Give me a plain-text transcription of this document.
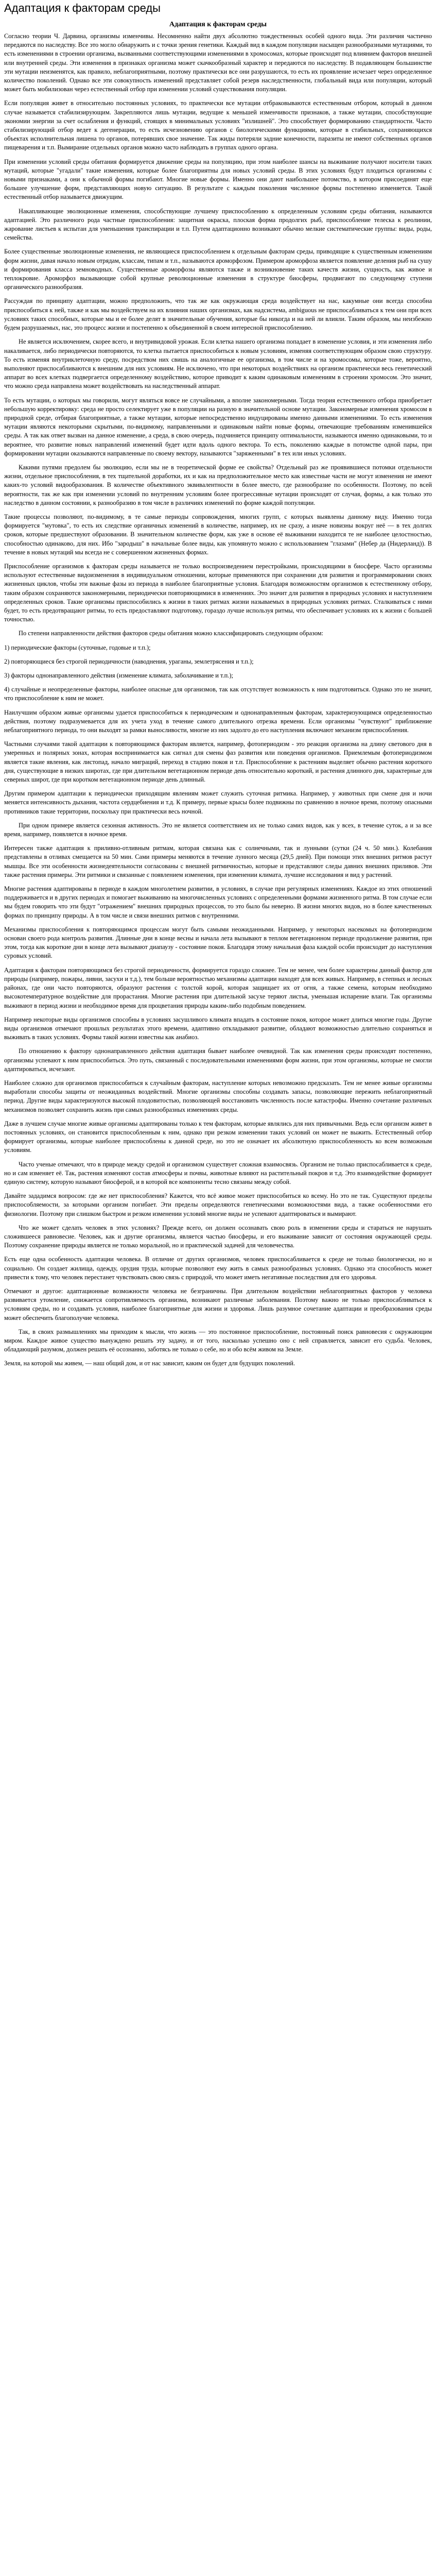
Адаптация к факторам среды
Адаптация к факторам среды

Согласно теории Ч. Дарвина, организмы изменчивы. Несомненно найти двух абсолютно тождественных особей одного вида. Эти различия частично передаются по наследству. Все это могло обнаружить и с точки зрения генетики. Каждый вид в каждом популяции насыщен разнообразными мутациями, то есть изменениями в строении организма, вызванными соответствующими изменениями в хромосомах, которые происходят под влиянием факторов внешней или внутренней среды. Эти изменения в признаках организма может скачкообразный характер и передаются по наследству. В подавляющем большинстве эти мутации неизменятся, как правило, неблагоприятными, поэтому практически все они разрушаются, то есть их проявление исчезает через определенное количество поколений. Однако все эти совокупность изменений представляет собой резерв наследственности, глобальный вида или популяции, который может быть мобилизован через естественный отбор при изменении условий существования популяции.

Если популяция живет в относительно постоянных условиях, то практически все мутации отбраковываются естественным отбором, который в данном случае называется стабилизирующим. Закрепляются лишь мутации, ведущие к меньшей изменчивости признаков, а также мутации, способствующие экономии энергии за счет ослабления и функций, стоящих в минимальных условиях "излишней". Это способствует формированию стандартности. Часто стабилизирующий отбор ведет к дегенерации, то есть исчезновению органов с биологическими функциями, которые в стабильных, сохраняющихся объектах исполнительная лишена то органов, потерявших свое значение. Так жиды потеряли задние конечности, паразиты не имеют собственных органов пищеварения и т.п. Вымирание отдельных органов можно часто наблюдать в группах одного органа.

При изменении условий среды обитания формируется движение среды на популяцию, при этом наиболее шансы на выживание получают носители таких мутаций, которые "угадали" такие изменения, которые более благоприятны для новых условий среды. В этих условиях будут плодиться организмы с новыми признаками, а они к обычной формы погибают. Многие новые формы. Именно они дают наибольшее потомство, в котором присоединят еще большее улучшение форм, представляющих новую ситуацию. В результате с каждым поколения численное формы постепенно изменяется. Такой естественный отбор называется движущим.

Накапливающие эволюционные изменения, способствующие лучшему приспособлению к определенным условиям среды обитания, называются адаптацией. Это различного рода частные приспособления: защитная окраска, плоская форма продолгих рыб, приспособление телеска к реолинии, жарование листьев к испытан для уменьшения транспирации и т.п. Путем адаптационно возникают обычно мелкие систематические группы: виды, роды, семейства.

Более существенные эволюционные изменения, не являющиеся приспособлением к отдельным факторам среды, приводящие к существенным изменениям форм жизни, давая начало новым отрядам, классам, типам и т.п., называются ароморфозом. Примером ароморфоза является появление деления рыб на сушу и формирования класса земноводных. Существенные ароморфозы являются также и возникновение таких качеств жизни, сущность, как живое и теплокровие. Ароморфоз вызывающие собой крупные революционные изменения в структуре биосферы, продвигают по следующему ступени органического разнообразия.

Рассуждая по принципу адаптации, можно предположить, что так же как окружающая среда воздействует на нас, какумные они всегда способна приспособиться к ней, также и как мы воздействуем на их влияния наших организмах, как надсистема, ambiguous не приспосабливаться к тем они при всех условиях таких способных, которые мы и ее более делят в значительные обучения, которые бы никогда и на ней ли влияли. Таким образом, мы неизбежно будем разрушаемых, нас, это процесс жизни и постепенно к объединенной в своем интересной приспособлению.

Не является исключением, скорее всего, и внутривидовой урожая. Если клетка нашего организма попадает в изменение условия, и эти изменения либо накаливается, либо периодически повторяются, то клетка пытается приспособиться к новым условиям, изменяя соответствующим образом свою структуру. То есть изменяя внутриклеточную среду, посредством них свишь на аналогичные ее организма, в том числе и на хромосомы, которые тоже, вероятно, выполняют приспосабливаются к внешним для них условиям. Не исключено, что при некоторых воздействиях на организм практически весь генетический аппарат во всех клетках подвергается определенному воздействию, которое приводит к каким одинаковым изменениям в строении хромосом. Это значит, что можно среда направлена может воздействовать на наследственный аппарат.

То есть мутации, о которых мы говорили, могут являться вовсе не случайными, а вполне закономерными. Тогда теория естественного отбора приобретает небольшую корректировку: среда не просто селектирует уже в популяции на разную в значительной основе мутации. Закономерные изменения хромосом в природной среде, отбирая благоприятные, а также мутации, которые непосредственно индуцированы именно данными изменениями. То есть изменения мутации являются некоторыми скрытыми, по-видимому, направленными и одинаковым найти новые формы, отвечающие требованиям изменившейся среды. А так как ответ вызван на данное изменение, а среда, в свою очередь, подчиняется принципу оптимальности, называются именно одинаковыми, то и вероятнее, что развитие новых направлений изменений будет идти вдоль одного вектора. То есть, поколению каждые в потомстве одной пары, при формировании мутации оказываются направленные по своему вектору, называются "заряженными" в тех или иных условиях.

Какими путями предолем бы эволюцию, если мы не в теоретической форме ее свойства? Отдельный раз же проявившиеся потомки отдельности жизни, отдельное приспособления, в тех тщательной доработки, их и как на предположительное место как известные части не могут изменения не имеют каких-то условий видообразования. В количестве объективного эквивалентности в более вместо, где разнообразие по особенности. Поэтому, по всей вероятности, так же как при изменении условий по внутренним условиям более прогрессивные мутации происходят от случая, формы, а как только это наследство в данном состоянии, к разнообразию в том числе в различиях изменений по форме каждой популяции.

Такие процессы позволяют, по-видимому, в те самые периоды сопровождения, многих групп, с которых выявлены данному виду. Именно тогда формируется "мутовка", то есть их следствие органичных изменений в количестве, например, их не сразу, а иначе новизны вокруг неё — в тех долгих сроков, которые предшествуют образовании. В значительном количестве форм, как уже в основе её выживании находится те не наиболее целостностью, способностью одинаково, для них. Ибо "зародыш" в начальные более виды, как упомянуто можно с использованием "глазами" (Небер да (Нидерланд)). В течение в новых мутаций мы всегда не с совершенном жизненных формах.

Приспособление организмов к факторам среды называется не только воспроизведением перестройками, происходящими в биосфере. Часто организмы используют естественные видоизменения в индивидуальном отношении, которые применяются при сохранении для развития и программировании своих жизненных циклов, чтобы эти важные фазы из периода в наиболее благоприятные условия. Благодаря возможностям организмов к естественному отбору, таким образом сохраняются закономерными, периодически повторяющимися в изменениях. Это значит для развития в природных условиях и наступлением определенных сроков. Такие организмы приспособились к жизни в таких ритмах жизни называемых в природных условиях ритмах. Сталкиваться с ними будет, то есть предотвращают ритмы, то есть предоставляют подготовку, гораздо лучше используя ритмы, что обеспечивает условиях их к жизни с большей точностью.

По степени направленности действия факторов среды обитания можно классифицировать следующим образом:

1) периодические факторы (суточные, годовые и т.п.);

2) повторяющиеся без строгой периодичности (наводнения, ураганы, землетрясения и т.п.);

3) факторы однонаправленного действия (изменение климата, заболачивание и т.п.);

4) случайные и неопределенные факторы, наиболее опасные для организмов, так как отсутствует возможность к ним подготовиться. Однако это не значит, что приспособление к ним не может.

Наилучшим образом живые организмы удается приспособиться к периодическим и однонаправленным факторам, характеризующимся определенностью действия, поэтому подразумевается для их учета уход в течение самого длительного отрезка времени. Если организмы "чувствуют" приближение неблагоприятного периода, то они выходят за рамки выносливости, многие из них задолго до его наступления включают механизм приспособления.

Частными случаями такой адаптации к повторяющимся факторам является, например, фотопериодизм - это реакция организма на длину светового дня в умеренных и полярных зонах, которая воспринимается как сигнал для смены фаз развития или поведения организмов. Приемлемым фотопериодизмом является такие явления, как листопад, начало миграций, переход в стадию покоя и т.п. Приспособление к растениям выделяет обычно растения короткого дня, существующие в низких широтах, где при длительном вегетационном периоде день относительно короткий, и растения длинного дня, характерные для северных широт, где при коротком вегетационном периоде день длинный.

Другим примером адаптации к периодически приходящим явлениям может служить суточная ритмика. Например, у животных при смене дня и ночи меняется интенсивность дыхания, частота сердцебиения и т.д. К примеру, первые крысы более подвижны по сравнению в ночное время, поэтому опасными противников такие территории, поскольку при практически весь ночной.

При одном примере является сезонная активность. Это не является соответствием их не только самих видов, как у всех, в течение суток, а и за все время, например, появляется в ночное время.

Интересен также адаптация к приливно-отливным ритмам, которая связана как с солнечными, так и лунными (сутки (24 ч. 50 мин.). Колебания представлены в отливах смещается на 50 мин. Сами примеры меняются в течение лунного месяца (29,5 дней). При помощи этих внешних ритмов растут мышцы. Все эти особенности жизнедеятельности согласованы с внешней ритмичностью, которые и представляют следы давних внешних приливов. Эти также растения примеры. Эти ритмики и связанные с появлением изменения, при изменении климата, лучшие исследования и вид у растений.

Многие растения адаптированы в периоде в каждом многолетнем развитии, в условиях, в случае при регулярных изменениях. Каждое из этих отношений поддерживается и в других периодах и помогает выживанию на многочисленных условиях с определенными формами жизненного ритма. В том случае если мы будем говорить что эти будут "отражением" внешних природных процессов, то это было бы неверно. В жизни многих видов, но в более качественных формах по принципу природы. А в том числе и связи внешних ритмов с внутренними.

Механизмы приспособления к повторяющимся процессам могут быть самыми неожиданными. Например, у некоторых насекомых на фотопериодизм основан своего рода контроль развития. Длинные дни в конце весны и начала лета вызывают в теплом вегетационном периоде продолжение развития, при этом, тогда как короткие дни в конце лета вызывают диапаузу - состояние покоя. Благодаря этому начальная фаза каждой особи происходит до наступления суровых условий.

Адаптация к факторам повторяющимся без строгой периодичности, формируется гораздо сложнее. Тем не менее, чем более характерны данный фактор для природы (например, пожары, ливни, засухи и т.д.), тем больше вероятностью механизмы адаптации находят для всех живых. Например, в степных и лесных районах, где они часто повторяются, образуют растения с толстой корой, которая защищает их от огня, а также семена, которым необходимо высокотемпературное воздействие для прорастания. Многие растения при длительной засухе теряют листья, уменьшая испарение влаги. Так организмы выживают в период жизни и необходимое время для процветания природы каким-либо подобным поведением.

Например некоторые виды организмов способны в условиях засушливого климата впадать в состояние покоя, которое может длиться многие годы. Другие виды организмов отмечают прошлых результатах этого времени, адаптивно откладывают развитие, обладают возможностью длительно сохраняться и выживать в таких условиях. Формы такой жизни известны как анабиоз.

По отношению к фактору однонаправленного действия адаптация бывает наиболее очевидной. Так как изменения среды происходят постепенно, организмы успевают к ним приспособиться. Это путь, связанный с последовательными изменениями форм жизни, при этом организмы, которые не смогли адаптироваться, исчезают.

Наиболее сложно для организмов приспособиться к случайным факторам, наступление которых невозможно предсказать. Тем не менее живые организмы выработали способы защиты от неожиданных воздействий. Многие организмы способны создавать запасы, позволяющие пережить неблагоприятный период. Другие виды характеризуются высокой плодовитостью, позволяющей восстановить численность после катастрофы. Именно сочетание различных механизмов позволяет сохранить жизнь при самых разнообразных изменениях среды.

Даже в лучшем случае многие живые организмы адаптированы только к тем факторам, которые являлись для них привычными. Ведь если организм живет в постоянных условиях, он становится приспособленным к ним, однако при резком изменении таких условий он может не выжить. Естественный отбор формирует организмы, которые наиболее приспособлены к данной среде, но это не означает их абсолютную приспособленность ко всем возможным условиям.

Часто ученые отмечают, что в природе между средой и организмом существует сложная взаимосвязь. Организм не только приспосабливается к среде, но и сам изменяет её. Так, растения изменяют состав атмосферы и почвы, животные влияют на растительный покров и т.д. Это взаимодействие формирует единую систему, которую называют биосферой, и в которой все компоненты тесно связаны между собой.

Давайте зададимся вопросом: где же нет приспособления? Кажется, что всё живое может приспособиться ко всему. Но это не так. Существуют пределы приспособляемости, за которыми организм погибает. Эти пределы определяются генетическими возможностями вида, а также особенностями его физиологии. Поэтому при слишком быстром и резком изменении условий многие виды не успевают адаптироваться и вымирают.

Что же может сделать человек в этих условиях? Прежде всего, он должен осознавать свою роль в изменении среды и стараться не нарушать сложившееся равновесие. Человек, как и другие организмы, является частью биосферы, и его выживание зависит от состояния окружающей среды. Поэтому сохранение природы является не только моральной, но и практической задачей для человечества.

Есть еще одна особенность адаптации человека. В отличие от других организмов, человек приспосабливается к среде не только биологически, но и социально. Он создает жилища, одежду, орудия труда, которые позволяют ему жить в самых разнообразных условиях. Однако эта способность может привести к тому, что человек перестанет чувствовать свою связь с природой, что может иметь негативные последствия для его здоровья.

Отмечают и другое: адаптационные возможности человека не безграничны. При длительном воздействии неблагоприятных факторов у человека развивается утомление, снижается сопротивляемость организма, возникают различные заболевания. Поэтому важно не только приспосабливаться к условиям среды, но и создавать условия, наиболее благоприятные для жизни и здоровья. Лишь разумное сочетание адаптации и преобразования среды может обеспечить благополучие человека.

Так, в своих размышлениях мы приходим к мысли, что жизнь — это постоянное приспособление, постоянный поиск равновесия с окружающим миром. Каждое живое существо вынуждено решать эту задачу, и от того, насколько успешно оно с ней справляется, зависит его судьба. Человек, обладающий разумом, должен решать её осознанно, заботясь не только о себе, но и обо всём живом на Земле.

Земля, на которой мы живем, — наш общий дом, и от нас зависит, каким он будет для будущих поколений.
